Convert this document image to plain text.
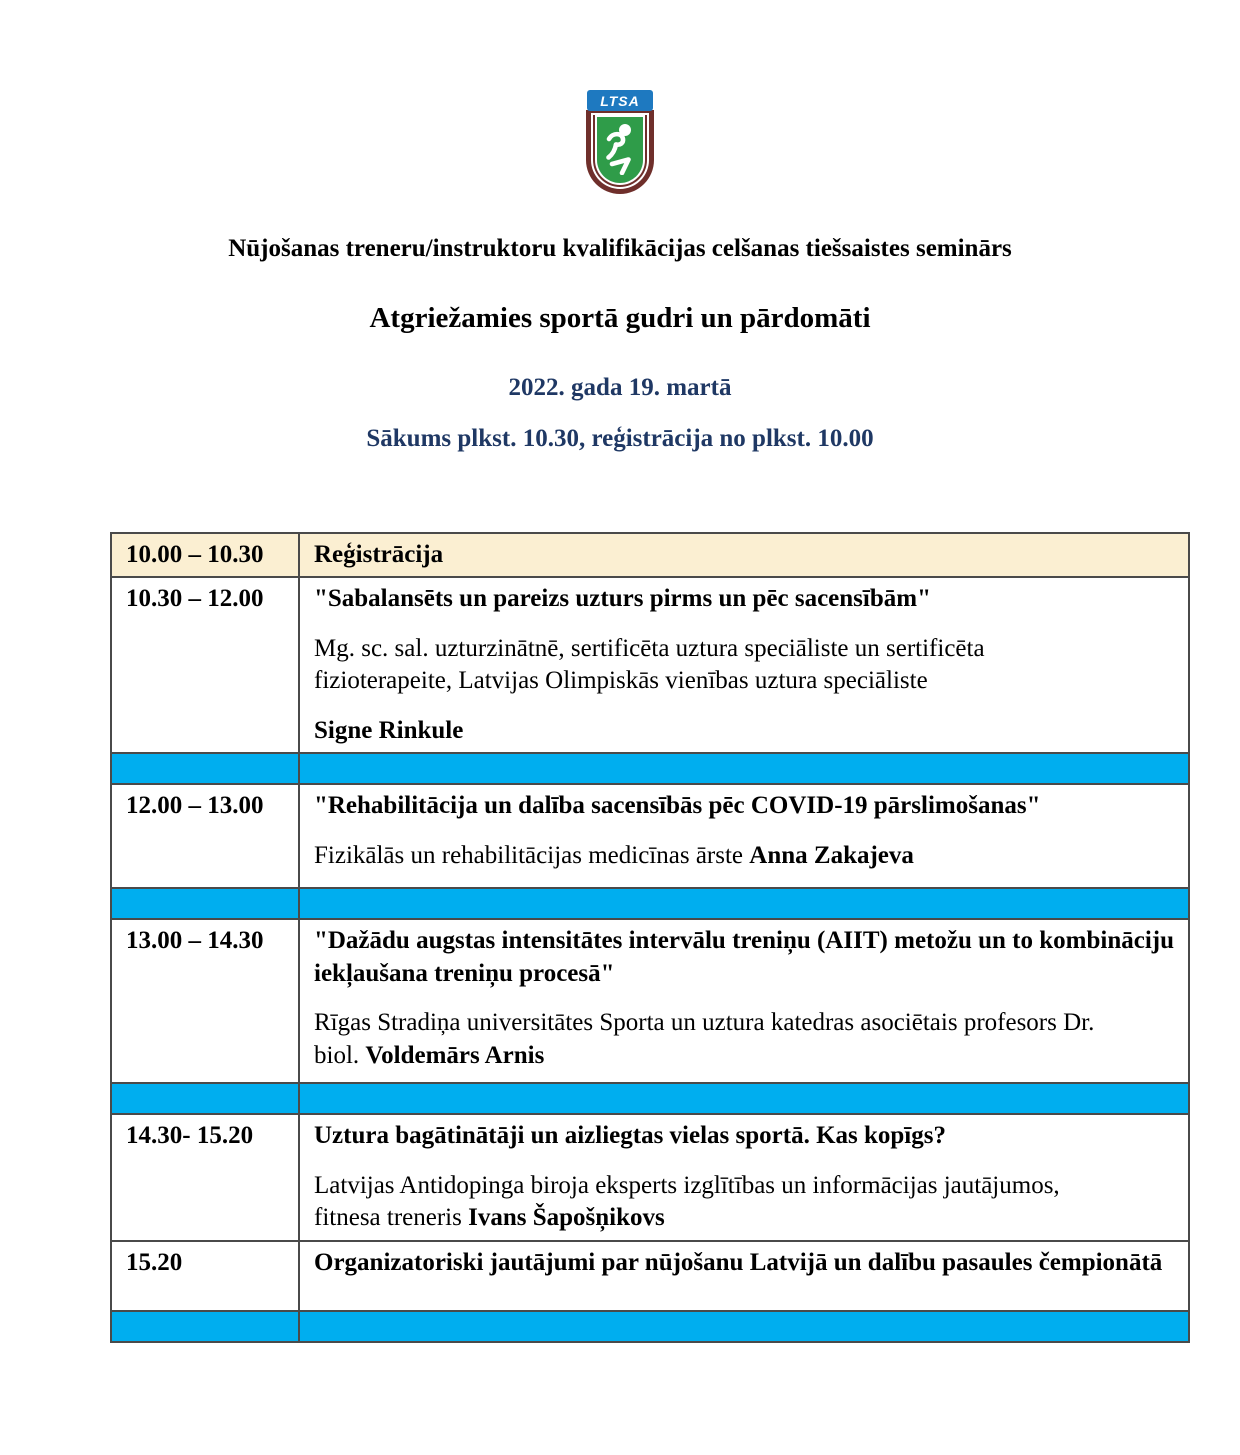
LTSA
Nūjošanas treneru/instruktoru kvalifikācijas celšanas tiešsaistes seminārs
Atgriežamies sportā gudri un pārdomāti
2022. gada 19. martā
Sākums plkst. 10.30, reģistrācija no plkst. 10.00
10.00 – 10.30	Reģistrācija

10.30 – 12.00	"Sabalansēts un pareizs uzturs pirms un pēc sacensībām"

Mg. sc. sal. uzturzinātnē, sertificēta uztura speciāliste un sertificēta fizioterapeite, Latvijas Olimpiskās vienības uztura speciāliste

Signe Rinkule

12.00 – 13.00	"Rehabilitācija un dalība sacensībās pēc COVID-19 pārslimošanas"

Fizikālās un rehabilitācijas medicīnas ārste Anna Zakajeva

13.00 – 14.30	"Dažādu augstas intensitātes intervālu treniņu (AIIT) metožu un to kombināciju iekļaušana treniņu procesā"

Rīgas Stradiņa universitātes Sporta un uztura katedras asociētais profesors Dr. biol. Voldemārs Arnis

14.30- 15.20	Uztura bagātinātāji un aizliegtas vielas sportā. Kas kopīgs?

Latvijas Antidopinga biroja eksperts izglītības un informācijas jautājumos, fitnesa treneris Ivans Šapošņikovs

15.20	Organizatoriski jautājumi par nūjošanu Latvijā un dalību pasaules čempionātā
